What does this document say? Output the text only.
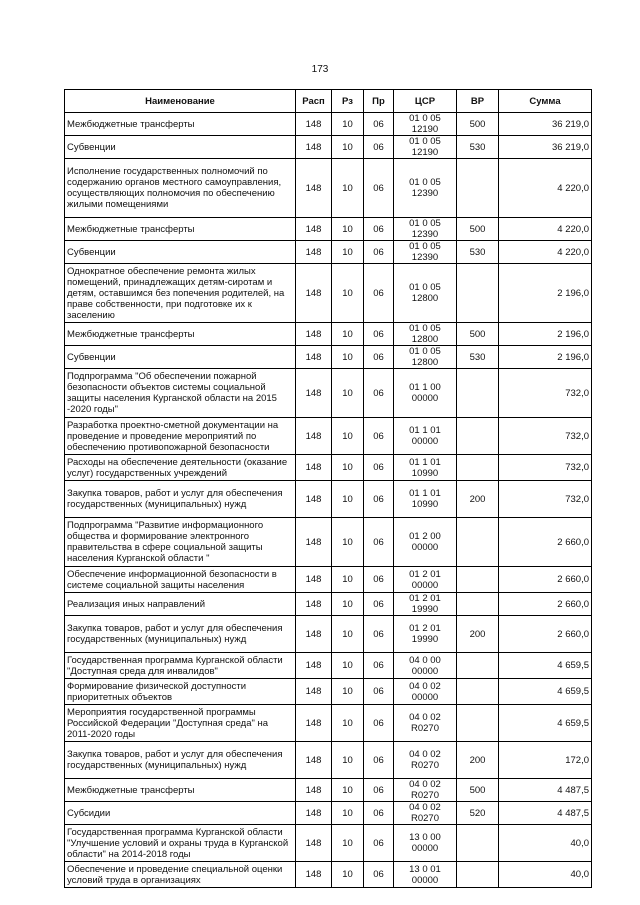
173
Наименование	Расп	Рз	Пр	ЦСР	ВР	Сумма
Межбюджетные трансферты	148	10	06	01 0 05 12190	500	36 219,0
Субвенции	148	10	06	01 0 05 12190	530	36 219,0
Исполнение государственных полномочий по содержанию органов местного самоуправления, осуществляющих полномочия по обеспечению жилыми помещениями	148	10	06	01 0 05 12390		4 220,0
Межбюджетные трансферты	148	10	06	01 0 05 12390	500	4 220,0
Субвенции	148	10	06	01 0 05 12390	530	4 220,0
Однократное обеспечение ремонта жилых помещений, принадлежащих детям-сиротам и детям, оставшимся без попечения родителей, на праве собственности, при подготовке их к заселению	148	10	06	01 0 05 12800		2 196,0
Межбюджетные трансферты	148	10	06	01 0 05 12800	500	2 196,0
Субвенции	148	10	06	01 0 05 12800	530	2 196,0
Подпрограмма "Об обеспечении пожарной безопасности объектов системы социальной защиты населения Курганской области на 2015 -2020 годы"	148	10	06	01 1 00 00000		732,0
Разработка проектно-сметной документации на проведение и проведение мероприятий по обеспечению противопожарной безопасности	148	10	06	01 1 01 00000		732,0
Расходы на обеспечение деятельности (оказание услуг) государственных учреждений	148	10	06	01 1 01 10990		732,0
Закупка товаров, работ и услуг для обеспечения государственных (муниципальных) нужд	148	10	06	01 1 01 10990	200	732,0
Подпрограмма "Развитие информационного общества и формирование электронного правительства в сфере социальной защиты населения Курганской области "	148	10	06	01 2 00 00000		2 660,0
Обеспечение информационной безопасности в системе социальной защиты населения	148	10	06	01 2 01 00000		2 660,0
Реализация иных направлений	148	10	06	01 2 01 19990		2 660,0
Закупка товаров, работ и услуг для обеспечения государственных (муниципальных) нужд	148	10	06	01 2 01 19990	200	2 660,0
Государственная программа Курганской области "Доступная среда для инвалидов"	148	10	06	04 0 00 00000		4 659,5
Формирование физической доступности приоритетных объектов	148	10	06	04 0 02 00000		4 659,5
Мероприятия государственной программы Российской Федерации "Доступная среда" на 2011-2020 годы	148	10	06	04 0 02 R0270		4 659,5
Закупка товаров, работ и услуг для обеспечения государственных (муниципальных) нужд	148	10	06	04 0 02 R0270	200	172,0
Межбюджетные трансферты	148	10	06	04 0 02 R0270	500	4 487,5
Субсидии	148	10	06	04 0 02 R0270	520	4 487,5
Государственная программа Курганской области "Улучшение условий и охраны труда в Курганской области" на 2014-2018 годы	148	10	06	13 0 00 00000		40,0
Обеспечение и проведение специальной оценки условий труда в организациях	148	10	06	13 0 01 00000		40,0
